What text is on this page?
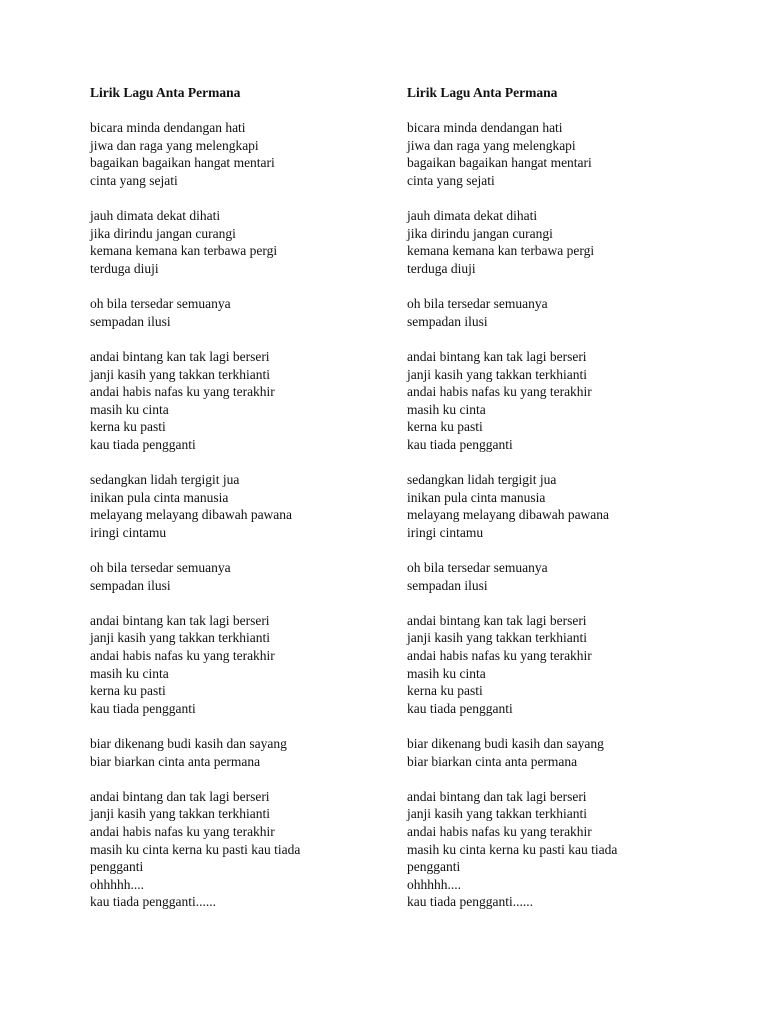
Lirik Lagu Anta Permana
bicara minda dendangan hati
jiwa dan raga yang melengkapi
bagaikan bagaikan hangat mentari
cinta yang sejati
jauh dimata dekat dihati
jika dirindu jangan curangi
kemana kemana kan terbawa pergi
terduga diuji
oh bila tersedar semuanya
sempadan ilusi
andai bintang kan tak lagi berseri
janji kasih yang takkan terkhianti
andai habis nafas ku yang terakhir
masih ku cinta
kerna ku pasti
kau tiada pengganti
sedangkan lidah tergigit jua
inikan pula cinta manusia
melayang melayang dibawah pawana
iringi cintamu
oh bila tersedar semuanya
sempadan ilusi
andai bintang kan tak lagi berseri
janji kasih yang takkan terkhianti
andai habis nafas ku yang terakhir
masih ku cinta
kerna ku pasti
kau tiada pengganti
biar dikenang budi kasih dan sayang
biar biarkan cinta anta permana
andai bintang dan tak lagi berseri
janji kasih yang takkan terkhianti
andai habis nafas ku yang terakhir
masih ku cinta kerna ku pasti kau tiada
pengganti
ohhhhh....
kau tiada pengganti......
Lirik Lagu Anta Permana
bicara minda dendangan hati
jiwa dan raga yang melengkapi
bagaikan bagaikan hangat mentari
cinta yang sejati
jauh dimata dekat dihati
jika dirindu jangan curangi
kemana kemana kan terbawa pergi
terduga diuji
oh bila tersedar semuanya
sempadan ilusi
andai bintang kan tak lagi berseri
janji kasih yang takkan terkhianti
andai habis nafas ku yang terakhir
masih ku cinta
kerna ku pasti
kau tiada pengganti
sedangkan lidah tergigit jua
inikan pula cinta manusia
melayang melayang dibawah pawana
iringi cintamu
oh bila tersedar semuanya
sempadan ilusi
andai bintang kan tak lagi berseri
janji kasih yang takkan terkhianti
andai habis nafas ku yang terakhir
masih ku cinta
kerna ku pasti
kau tiada pengganti
biar dikenang budi kasih dan sayang
biar biarkan cinta anta permana
andai bintang dan tak lagi berseri
janji kasih yang takkan terkhianti
andai habis nafas ku yang terakhir
masih ku cinta kerna ku pasti kau tiada
pengganti
ohhhhh....
kau tiada pengganti......
